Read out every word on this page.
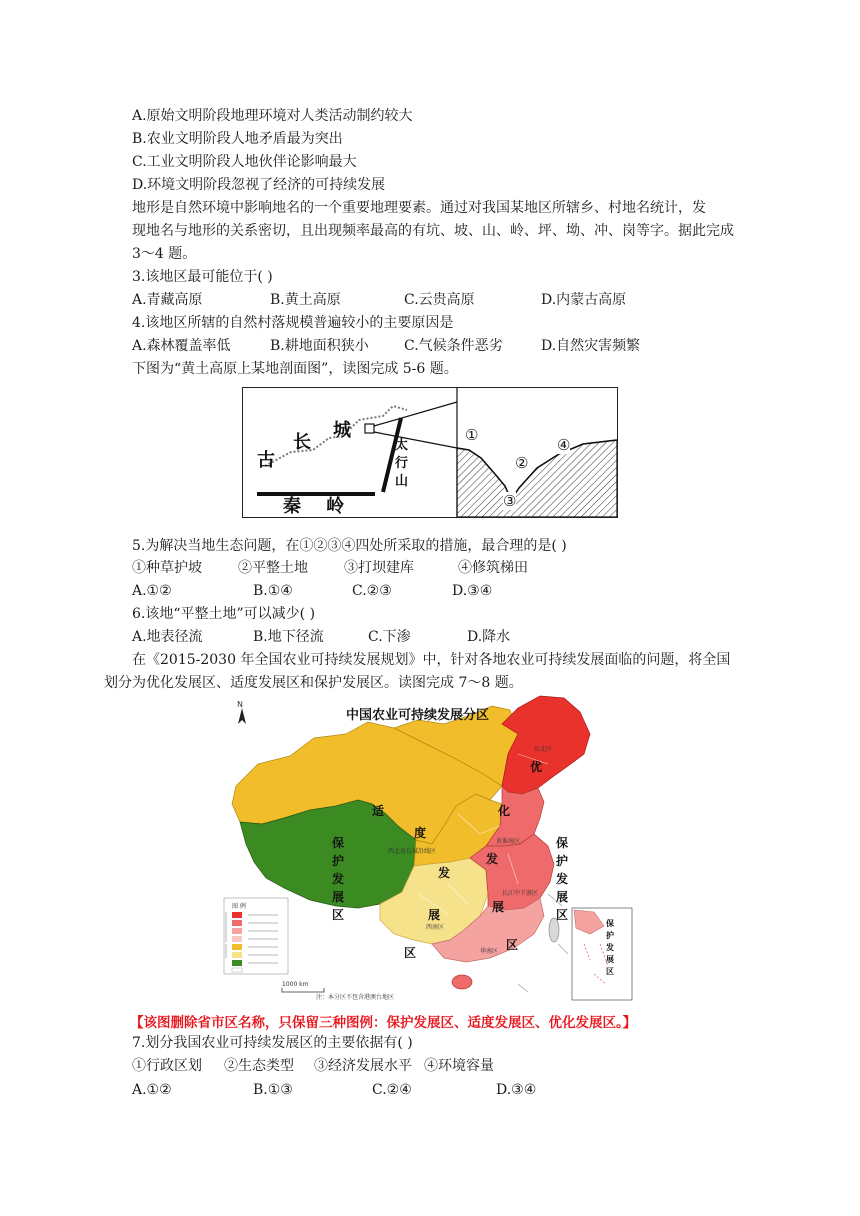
A.原始文明阶段地理环境对人类活动制约较大
B.农业文明阶段人地矛盾最为突出
C.工业文明阶段人地伙伴论影响最大
D.环境文明阶段忽视了经济的可持续发展
地形是自然环境中影响地名的一个重要地理要素。通过对我国某地区所辖乡、村地名统计，发
现地名与地形的关系密切，且出现频率最高的有坑、坡、山、岭、坪、坳、冲、岗等字。据此完成
3～4 题。
3.该地区最可能位于( )
A.青藏高原	B.黄土高原	C.云贵高原	D.内蒙古高原
4.该地区所辖的自然村落规模普遍较小的主要原因是
A.森林覆盖率低	B.耕地面积狭小	C.气候条件恶劣	D.自然灾害频繁
下图为“黄土高原上某地剖面图”，读图完成 5-6 题。
古
长
城
秦    岭
太
行
山
①
②
③
④
5.为解决当地生态问题，在①②③④四处所采取的措施，最合理的是( )
①种草护坡	②平整土地	③打坝建库	④修筑梯田
A.①②	B.①④	C.②③	D.③④
6.该地“平整土地”可以减少( )
A.地表径流	B.地下径流	C.下渗	D.降水
在《2015-2030 年全国农业可持续发展规划》中，针对各地农业可持续发展面临的问题，将全国
划分为优化发展区、适度发展区和保护发展区。读图完成 7～8 题。
N
中国农业可持续发展分区
适
度
发
展
区
优
化
发
展
区
保
护
发
展
区
保
护
发
展
区
保
护
发
展
区
东北区
西北及长城沿线区
黄淮海区
长江中下游区
西南区
华南区
图 例
注：本分区不包含港澳台地区
1000 km
【该图删除省市区名称，只保留三种图例：保护发展区、适度发展区、优化发展区。】
7.划分我国农业可持续发展区的主要依据有( )
①行政区划 ②生态类型 ③经济发展水平 ④环境容量
A.①②	B.①③	C.②④	D.③④
